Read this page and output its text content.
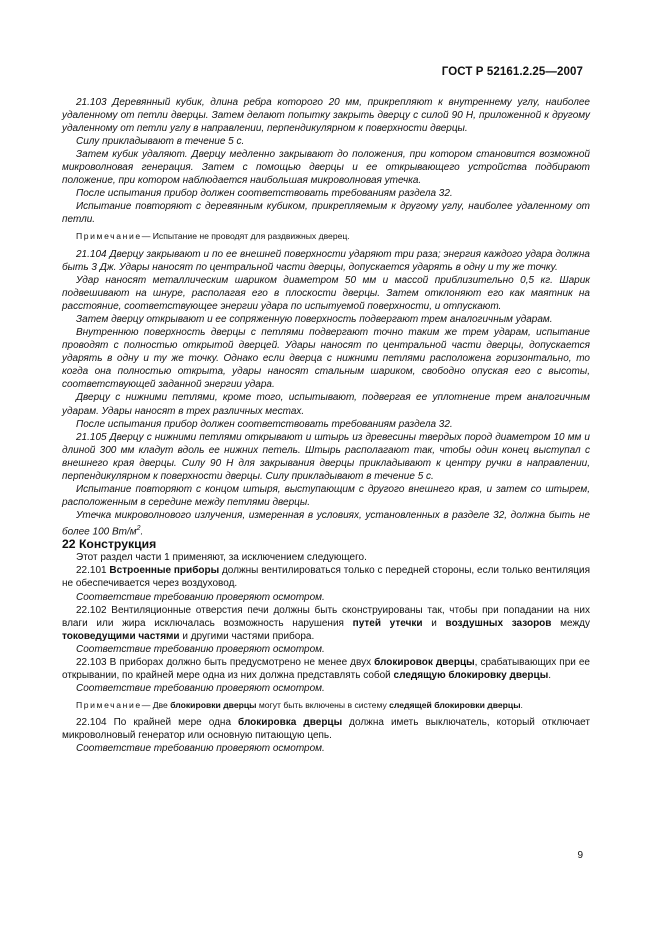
ГОСТ Р 52161.2.25—2007

21.103 Деревянный кубик, длина ребра которого 20 мм, прикрепляют к внутреннему углу, наиболее удаленному от петли дверцы. Затем делают попытку закрыть дверцу с силой 90 Н, приложенной к другому удаленному от петли углу в направлении, перпендикулярном к поверхности дверцы.

Силу прикладывают в течение 5 с.

Затем кубик удаляют. Дверцу медленно закрывают до положения, при котором становится возможной микроволновая генерация. Затем с помощью дверцы и ее открывающего устройства подбирают положение, при котором наблюдается наибольшая микроволновая утечка.

После испытания прибор должен соответствовать требованиям раздела 32.

Испытание повторяют с деревянным кубиком, прикрепляемым к другому углу, наиболее удаленному от петли.

Примечание— Испытание не проводят для раздвижных дверец.

21.104 Дверцу закрывают и по ее внешней поверхности ударяют три раза; энергия каждого удара должна быть 3 Дж. Удары наносят по центральной части дверцы, допускается ударять в одну и ту же точку.

Удар наносят металлическим шариком диаметром 50 мм и массой приблизительно 0,5 кг. Шарик подвешивают на шнуре, располагая его в плоскости дверцы. Затем отклоняют его как маятник на расстояние, соответствующее энергии удара по испытуемой поверхности, и отпускают.

Затем дверцу открывают и ее сопряженную поверхность подвергают трем аналогичным ударам.

Внутреннюю поверхность дверцы с петлями подвергают точно таким же трем ударам, испытание проводят с полностью открытой дверцей. Удары наносят по центральной части дверцы, допускается ударять в одну и ту же точку. Однако если дверца с нижними петлями расположена горизонтально, то когда она полностью открыта, удары наносят стальным шариком, свободно опуская его с высоты, соответствующей заданной энергии удара.

Дверцу с нижними петлями, кроме того, испытывают, подвергая ее уплотнение трем аналогичным ударам. Удары наносят в трех различных местах.

После испытания прибор должен соответствовать требованиям раздела 32.

21.105 Дверцу с нижними петлями открывают и штырь из древесины твердых пород диаметром 10 мм и длиной 300 мм кладут вдоль ее нижних петель. Штырь располагают так, чтобы один конец выступал с внешнего края дверцы. Силу 90 Н для закрывания дверцы прикладывают к центру ручки в направлении, перпендикулярном к поверхности дверцы. Силу прикладывают в течение 5 с.

Испытание повторяют с концом штыря, выступающим с другого внешнего края, и затем со штырем, расположенным в середине между петлями дверцы.

Утечка микроволнового излучения, измеренная в условиях, установленных в разделе 32, должна быть не более 100 $Вт/м^2$.

22 Конструкция

Этот раздел части 1 применяют, за исключением следующего.

22.101 Встроенные приборы должны вентилироваться только с передней стороны, если только вентиляция не обеспечивается через воздуховод.

Соответствие требованию проверяют осмотром.

22.102 Вентиляционные отверстия печи должны быть сконструированы так, чтобы при попадании на них влаги или жира исключалась возможность нарушения путей утечки и воздушных зазоров между токоведущими частями и другими частями прибора.

Соответствие требованию проверяют осмотром.

22.103 В приборах должно быть предусмотрено не менее двух блокировок дверцы, срабатывающих при ее открывании, по крайней мере одна из них должна представлять собой следящую блокировку дверцы.

Соответствие требованию проверяют осмотром.

Примечание— Две блокировки дверцы могут быть включены в систему следящей блокировки дверцы.

22.104 По крайней мере одна блокировка дверцы должна иметь выключатель, который отключает микроволновый генератор или основную питающую цепь.

Соответствие требованию проверяют осмотром.

9
